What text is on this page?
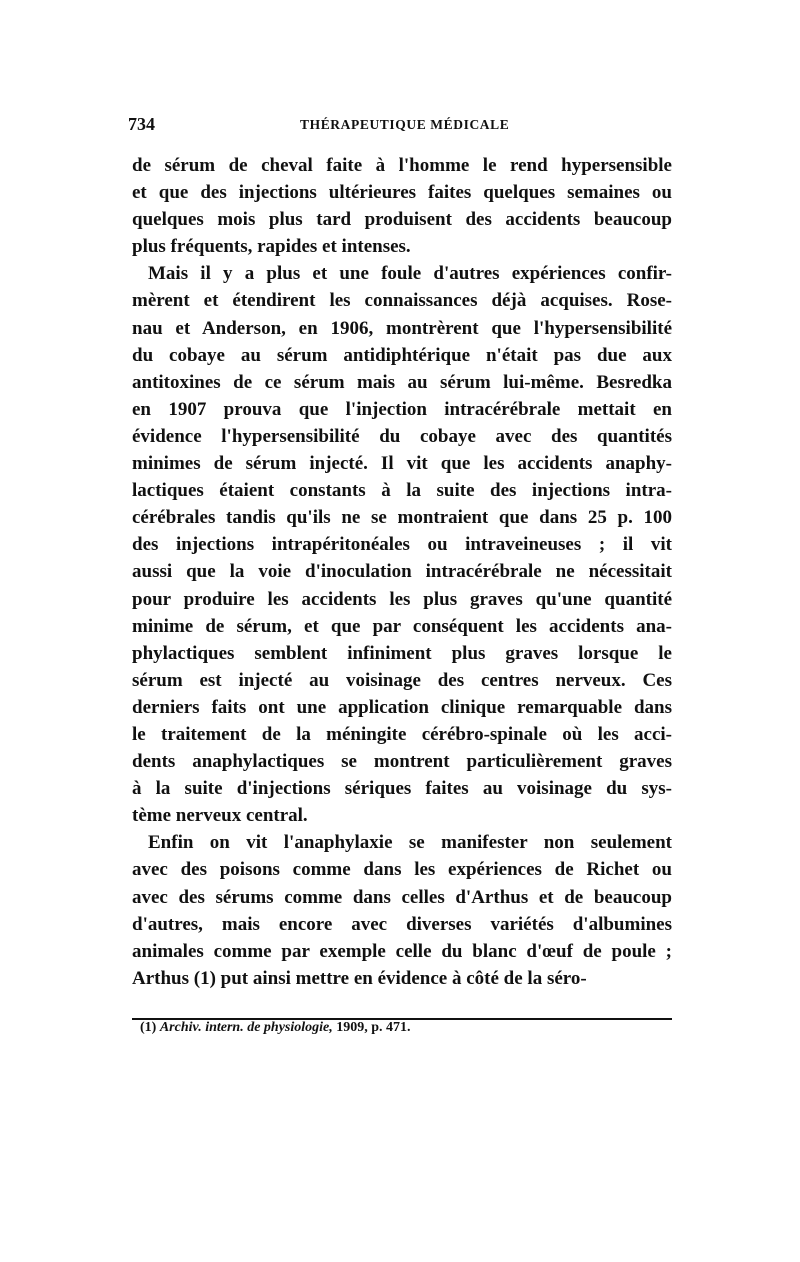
734	THÉRAPEUTIQUE MÉDICALE
de sérum de cheval faite à l'homme le rend hypersensible
et que des injections ultérieures faites quelques semaines ou
quelques mois plus tard produisent des accidents beaucoup
plus fréquents, rapides et intenses.
Mais il y a plus et une foule d'autres expériences confir-
mèrent et étendirent les connaissances déjà acquises. Rose-
nau et Anderson, en 1906, montrèrent que l'hypersensibilité
du cobaye au sérum antidiphtérique n'était pas due aux
antitoxines de ce sérum mais au sérum lui-même. Besredka
en 1907 prouva que l'injection intracérébrale mettait en
évidence l'hypersensibilité du cobaye avec des quantités
minimes de sérum injecté. Il vit que les accidents anaphy-
lactiques étaient constants à la suite des injections intra-
cérébrales tandis qu'ils ne se montraient que dans 25 p. 100
des injections intrapéritonéales ou intraveineuses ; il vit
aussi que la voie d'inoculation intracérébrale ne nécessitait
pour produire les accidents les plus graves qu'une quantité
minime de sérum, et que par conséquent les accidents ana-
phylactiques semblent infiniment plus graves lorsque le
sérum est injecté au voisinage des centres nerveux. Ces
derniers faits ont une application clinique remarquable dans
le traitement de la méningite cérébro-spinale où les acci-
dents anaphylactiques se montrent particulièrement graves
à la suite d'injections sériques faites au voisinage du sys-
tème nerveux central.
Enfin on vit l'anaphylaxie se manifester non seulement
avec des poisons comme dans les expériences de Richet ou
avec des sérums comme dans celles d'Arthus et de beaucoup
d'autres, mais encore avec diverses variétés d'albumines
animales comme par exemple celle du blanc d'œuf de poule ;
Arthus (1) put ainsi mettre en évidence à côté de la séro-
(1) Archiv. intern. de physiologie, 1909, p. 471.
